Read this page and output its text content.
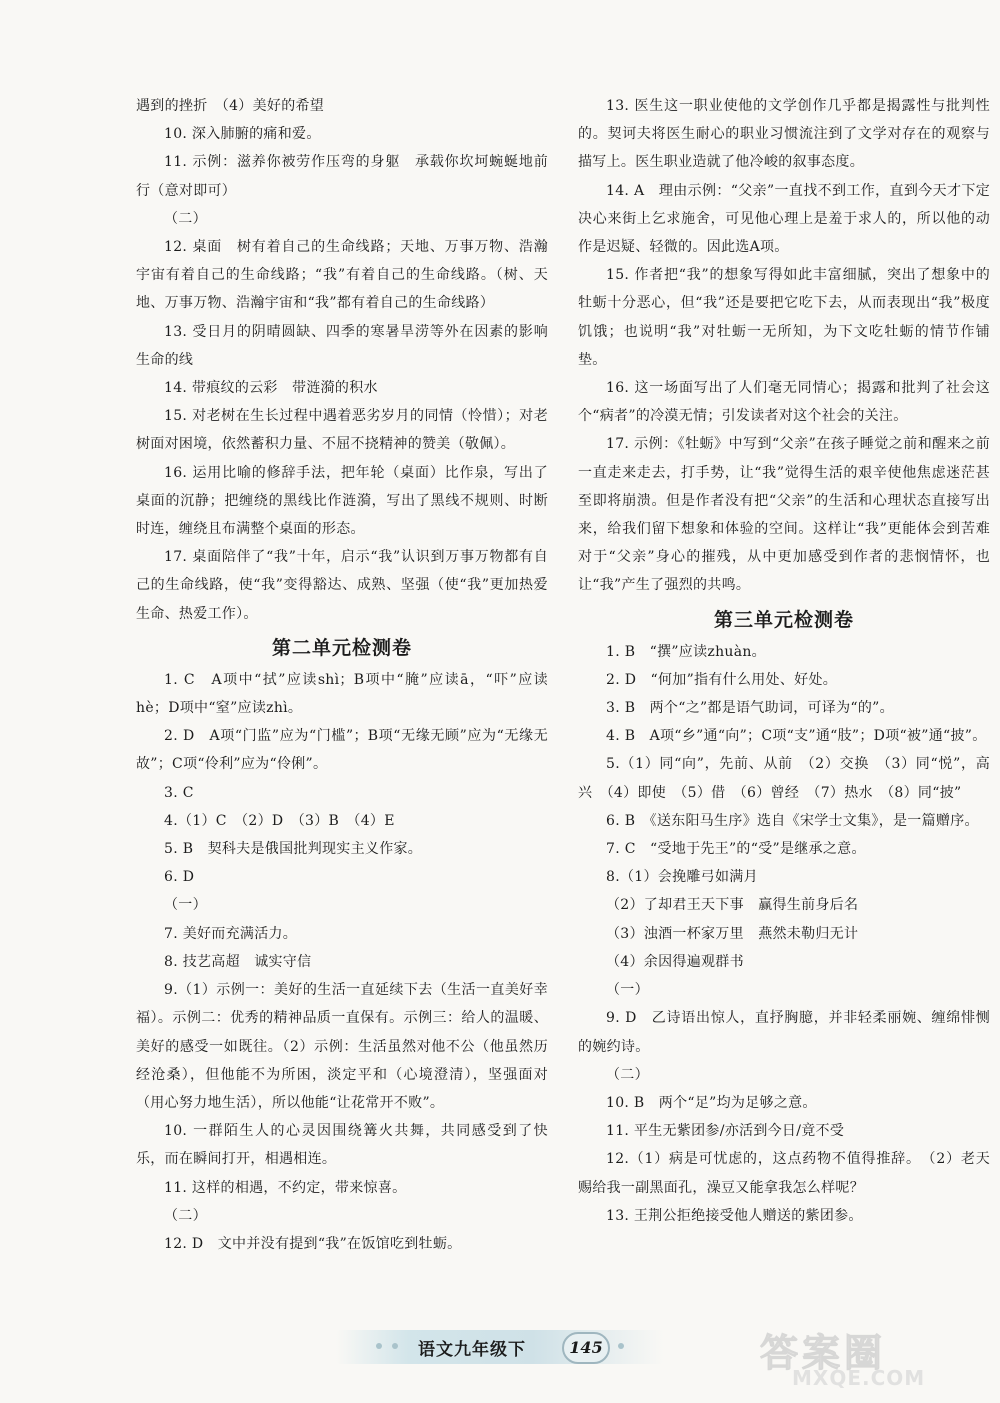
遇到的挫折　（4）美好的希望

10. 深入肺腑的痛和爱。

11. 示例：滋养你被劳作压弯的身躯　承载你坎坷蜿蜒地前行（意对即可）

（二）

12. 桌面　树有着自己的生命线路；天地、万事万物、浩瀚宇宙有着自己的生命线路；“我”有着自己的生命线路。（树、天地、万事万物、浩瀚宇宙和“我”都有着自己的生命线路）

13. 受日月的阴晴圆缺、四季的寒暑旱涝等外在因素的影响　生命的线

14. 带痕纹的云彩　带涟漪的积水

15. 对老树在生长过程中遇着恶劣岁月的同情（怜惜）；对老树面对困境，依然蓄积力量、不屈不挠精神的赞美（敬佩）。

16. 运用比喻的修辞手法，把年轮（桌面）比作泉，写出了桌面的沉静；把缠绕的黑线比作涟漪，写出了黑线不规则、时断时连，缠绕且布满整个桌面的形态。

17. 桌面陪伴了“我”十年，启示“我”认识到万事万物都有自己的生命线路，使“我”变得豁达、成熟、坚强（使“我”更加热爱生命、热爱工作）。

第二单元检测卷

1. C　A项中“拭”应读shì；B项中“腌”应读ā，“吓”应读hè；D项中“窒”应读zhì。

2. D　A项“门监”应为“门槛”；B项“无缘无顾”应为“无缘无故”；C项“伶利”应为“伶俐”。

3. C

4.（1）C　（2）D　（3）B　（4）E

5. B　契科夫是俄国批判现实主义作家。

6. D

（一）

7. 美好而充满活力。

8. 技艺高超　诚实守信

9.（1）示例一：美好的生活一直延续下去（生活一直美好幸福）。示例二：优秀的精神品质一直保有。示例三：给人的温暖、美好的感受一如既往。（2）示例：生活虽然对他不公（他虽然历经沧桑），但他能不为所困，淡定平和（心境澄清），坚强面对（用心努力地生活），所以他能“让花常开不败”。

10. 一群陌生人的心灵因围绕篝火共舞，共同感受到了快乐，而在瞬间打开，相遇相连。

11. 这样的相遇，不约定，带来惊喜。

（二）

12. D　文中并没有提到“我”在饭馆吃到牡蛎。

13. 医生这一职业使他的文学创作几乎都是揭露性与批判性的。契诃夫将医生耐心的职业习惯流注到了文学对存在的观察与描写上。医生职业造就了他冷峻的叙事态度。

14. A　理由示例：“父亲”一直找不到工作，直到今天才下定决心来街上乞求施舍，可见他心理上是羞于求人的，所以他的动作是迟疑、轻微的。因此选A项。

15. 作者把“我”的想象写得如此丰富细腻，突出了想象中的牡蛎十分恶心，但“我”还是要把它吃下去，从而表现出“我”极度饥饿；也说明“我”对牡蛎一无所知，为下文吃牡蛎的情节作铺垫。

16. 这一场面写出了人们毫无同情心；揭露和批判了社会这个“病者”的冷漠无情；引发读者对这个社会的关注。

17. 示例：《牡蛎》中写到“父亲”在孩子睡觉之前和醒来之前一直走来走去，打手势，让“我”觉得生活的艰辛使他焦虑迷茫甚至即将崩溃。但是作者没有把“父亲”的生活和心理状态直接写出来，给我们留下想象和体验的空间。这样让“我”更能体会到苦难对于“父亲”身心的摧残，从中更加感受到作者的悲悯情怀，也让“我”产生了强烈的共鸣。

第三单元检测卷

1. B　“撰”应读zhuàn。

2. D　“何加”指有什么用处、好处。

3. B　两个“之”都是语气助词，可译为“的”。

4. B　A项“乡”通“向”；C项“支”通“肢”；D项“被”通“披”。

5.（1）同“向”，先前、从前　（2）交换　（3）同“悦”，高兴　（4）即使　（5）借　（6）曾经　（7）热水　（8）同“披”

6. B　《送东阳马生序》选自《宋学士文集》，是一篇赠序。

7. C　“受地于先王”的“受”是继承之意。

8.（1）会挽雕弓如满月

（2）了却君王天下事　赢得生前身后名

（3）浊酒一杯家万里　燕然未勒归无计

（4）余因得遍观群书

（一）

9. D　乙诗语出惊人，直抒胸臆，并非轻柔丽婉、缠绵悱恻的婉约诗。

（二）

10. B　两个“足”均为足够之意。

11. 平生无紫团参/亦活到今日/竟不受

12.（1）病是可忧虑的，这点药物不值得推辞。　（2）老天赐给我一副黑面孔，澡豆又能拿我怎么样呢？

13. 王荆公拒绝接受他人赠送的紫团参。

语文九年级下	145	答案圈
MXQE.COM
